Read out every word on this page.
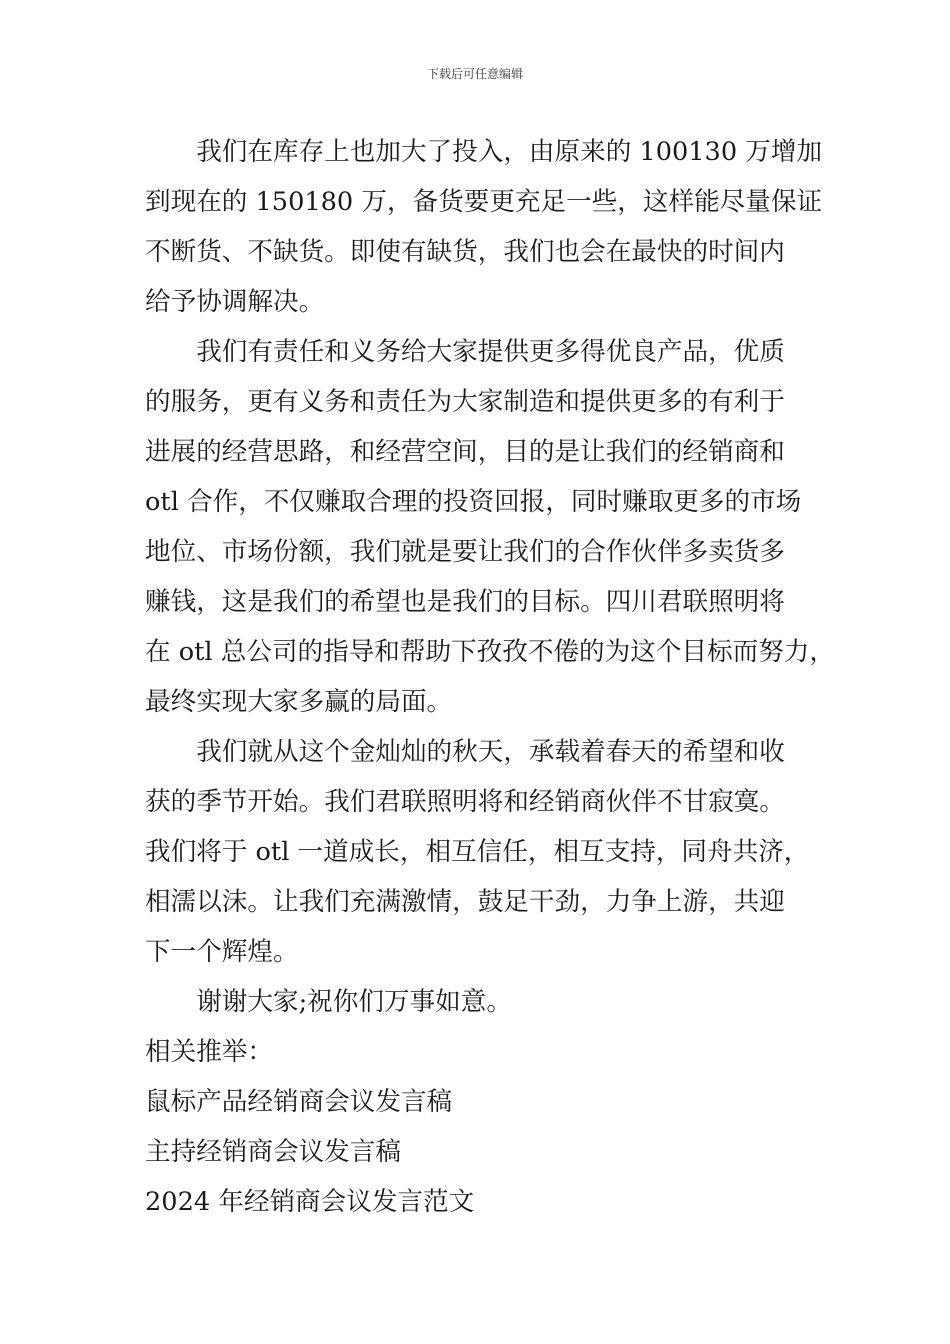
下载后可任意编辑

我们在库存上也加大了投入，由原来的 100130 万增加

到现在的 150180 万，备货要更充足一些，这样能尽量保证

不断货、不缺货。即使有缺货，我们也会在最快的时间内

给予协调解决。

我们有责任和义务给大家提供更多得优良产品，优质

的服务，更有义务和责任为大家制造和提供更多的有利于

进展的经营思路，和经营空间，目的是让我们的经销商和

otl 合作，不仅赚取合理的投资回报，同时赚取更多的市场

地位、市场份额，我们就是要让我们的合作伙伴多卖货多

赚钱，这是我们的希望也是我们的目标。四川君联照明将

在 otl 总公司的指导和帮助下孜孜不倦的为这个目标而努力，

最终实现大家多赢的局面。

我们就从这个金灿灿的秋天，承载着春天的希望和收

获的季节开始。我们君联照明将和经销商伙伴不甘寂寞。

我们将于 otl 一道成长，相互信任，相互支持，同舟共济，

相濡以沫。让我们充满激情，鼓足干劲，力争上游，共迎

下一个辉煌。

谢谢大家;祝你们万事如意。

相关推举：

鼠标产品经销商会议发言稿

主持经销商会议发言稿

2024 年经销商会议发言范文
